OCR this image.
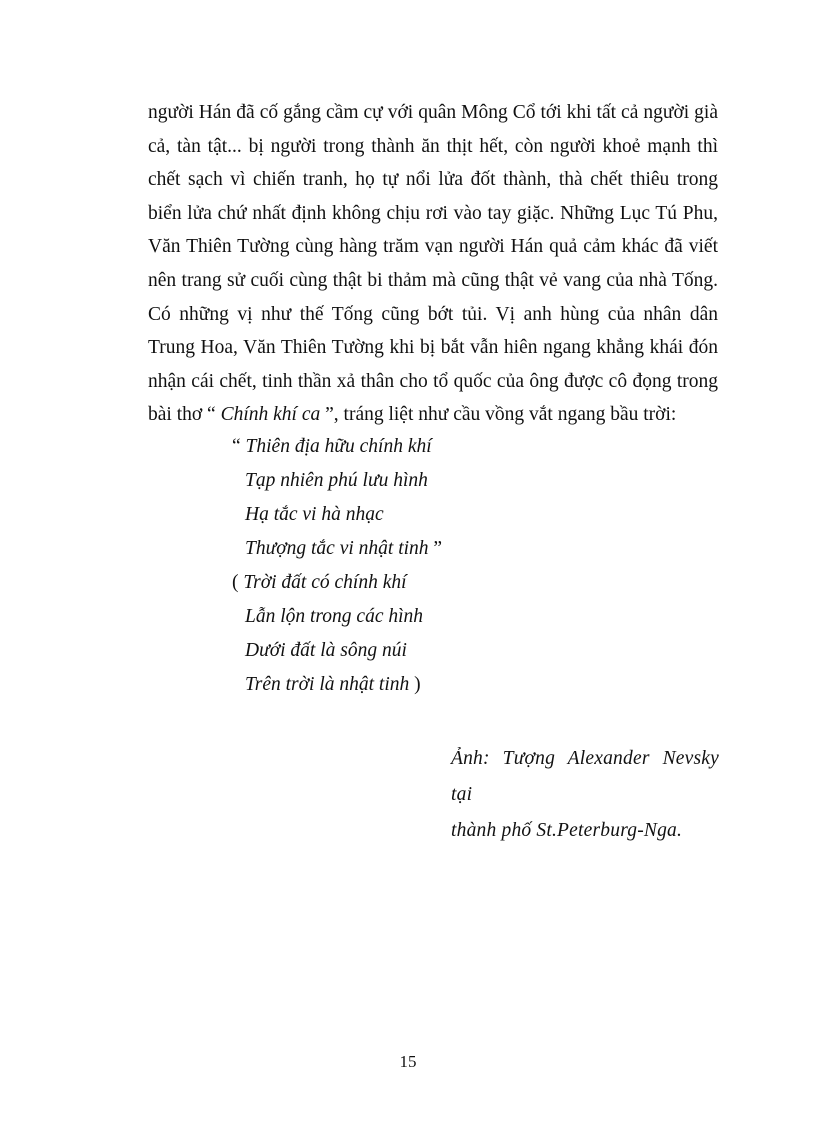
người Hán đã cố gắng cầm cự với quân Mông Cổ tới khi tất cả người già cả, tàn tật... bị người trong thành ăn thịt hết, còn người khoẻ mạnh thì chết sạch vì chiến tranh, họ tự nổi lửa đốt thành, thà chết thiêu trong biển lửa chứ nhất định không chịu rơi vào tay giặc. Những Lục Tú Phu, Văn Thiên Tường cùng hàng trăm vạn người Hán quả cảm khác đã viết nên trang sử cuối cùng thật bi thảm mà cũng thật vẻ vang của nhà Tống. Có những vị như thế Tống cũng bớt tủi. Vị anh hùng của nhân dân Trung Hoa, Văn Thiên Tường khi bị bắt vẫn hiên ngang khẳng khái đón nhận cái chết, tinh thần xả thân cho tổ quốc của ông được cô đọng trong bài thơ “ Chính khí ca ”, tráng liệt như cầu vồng vắt ngang bầu trời:

“ Thiên địa hữu chính khí
Tạp nhiên phú lưu hình
Hạ tắc vi hà nhạc
Thượng tắc vi nhật tinh ”
( Trời đất có chính khí
Lẫn lộn trong các hình
Dưới đất là sông núi
Trên trời là nhật tinh )

Ảnh: Tượng Alexander Nevsky tại

thành phố St.Peterburg-Nga.

15
